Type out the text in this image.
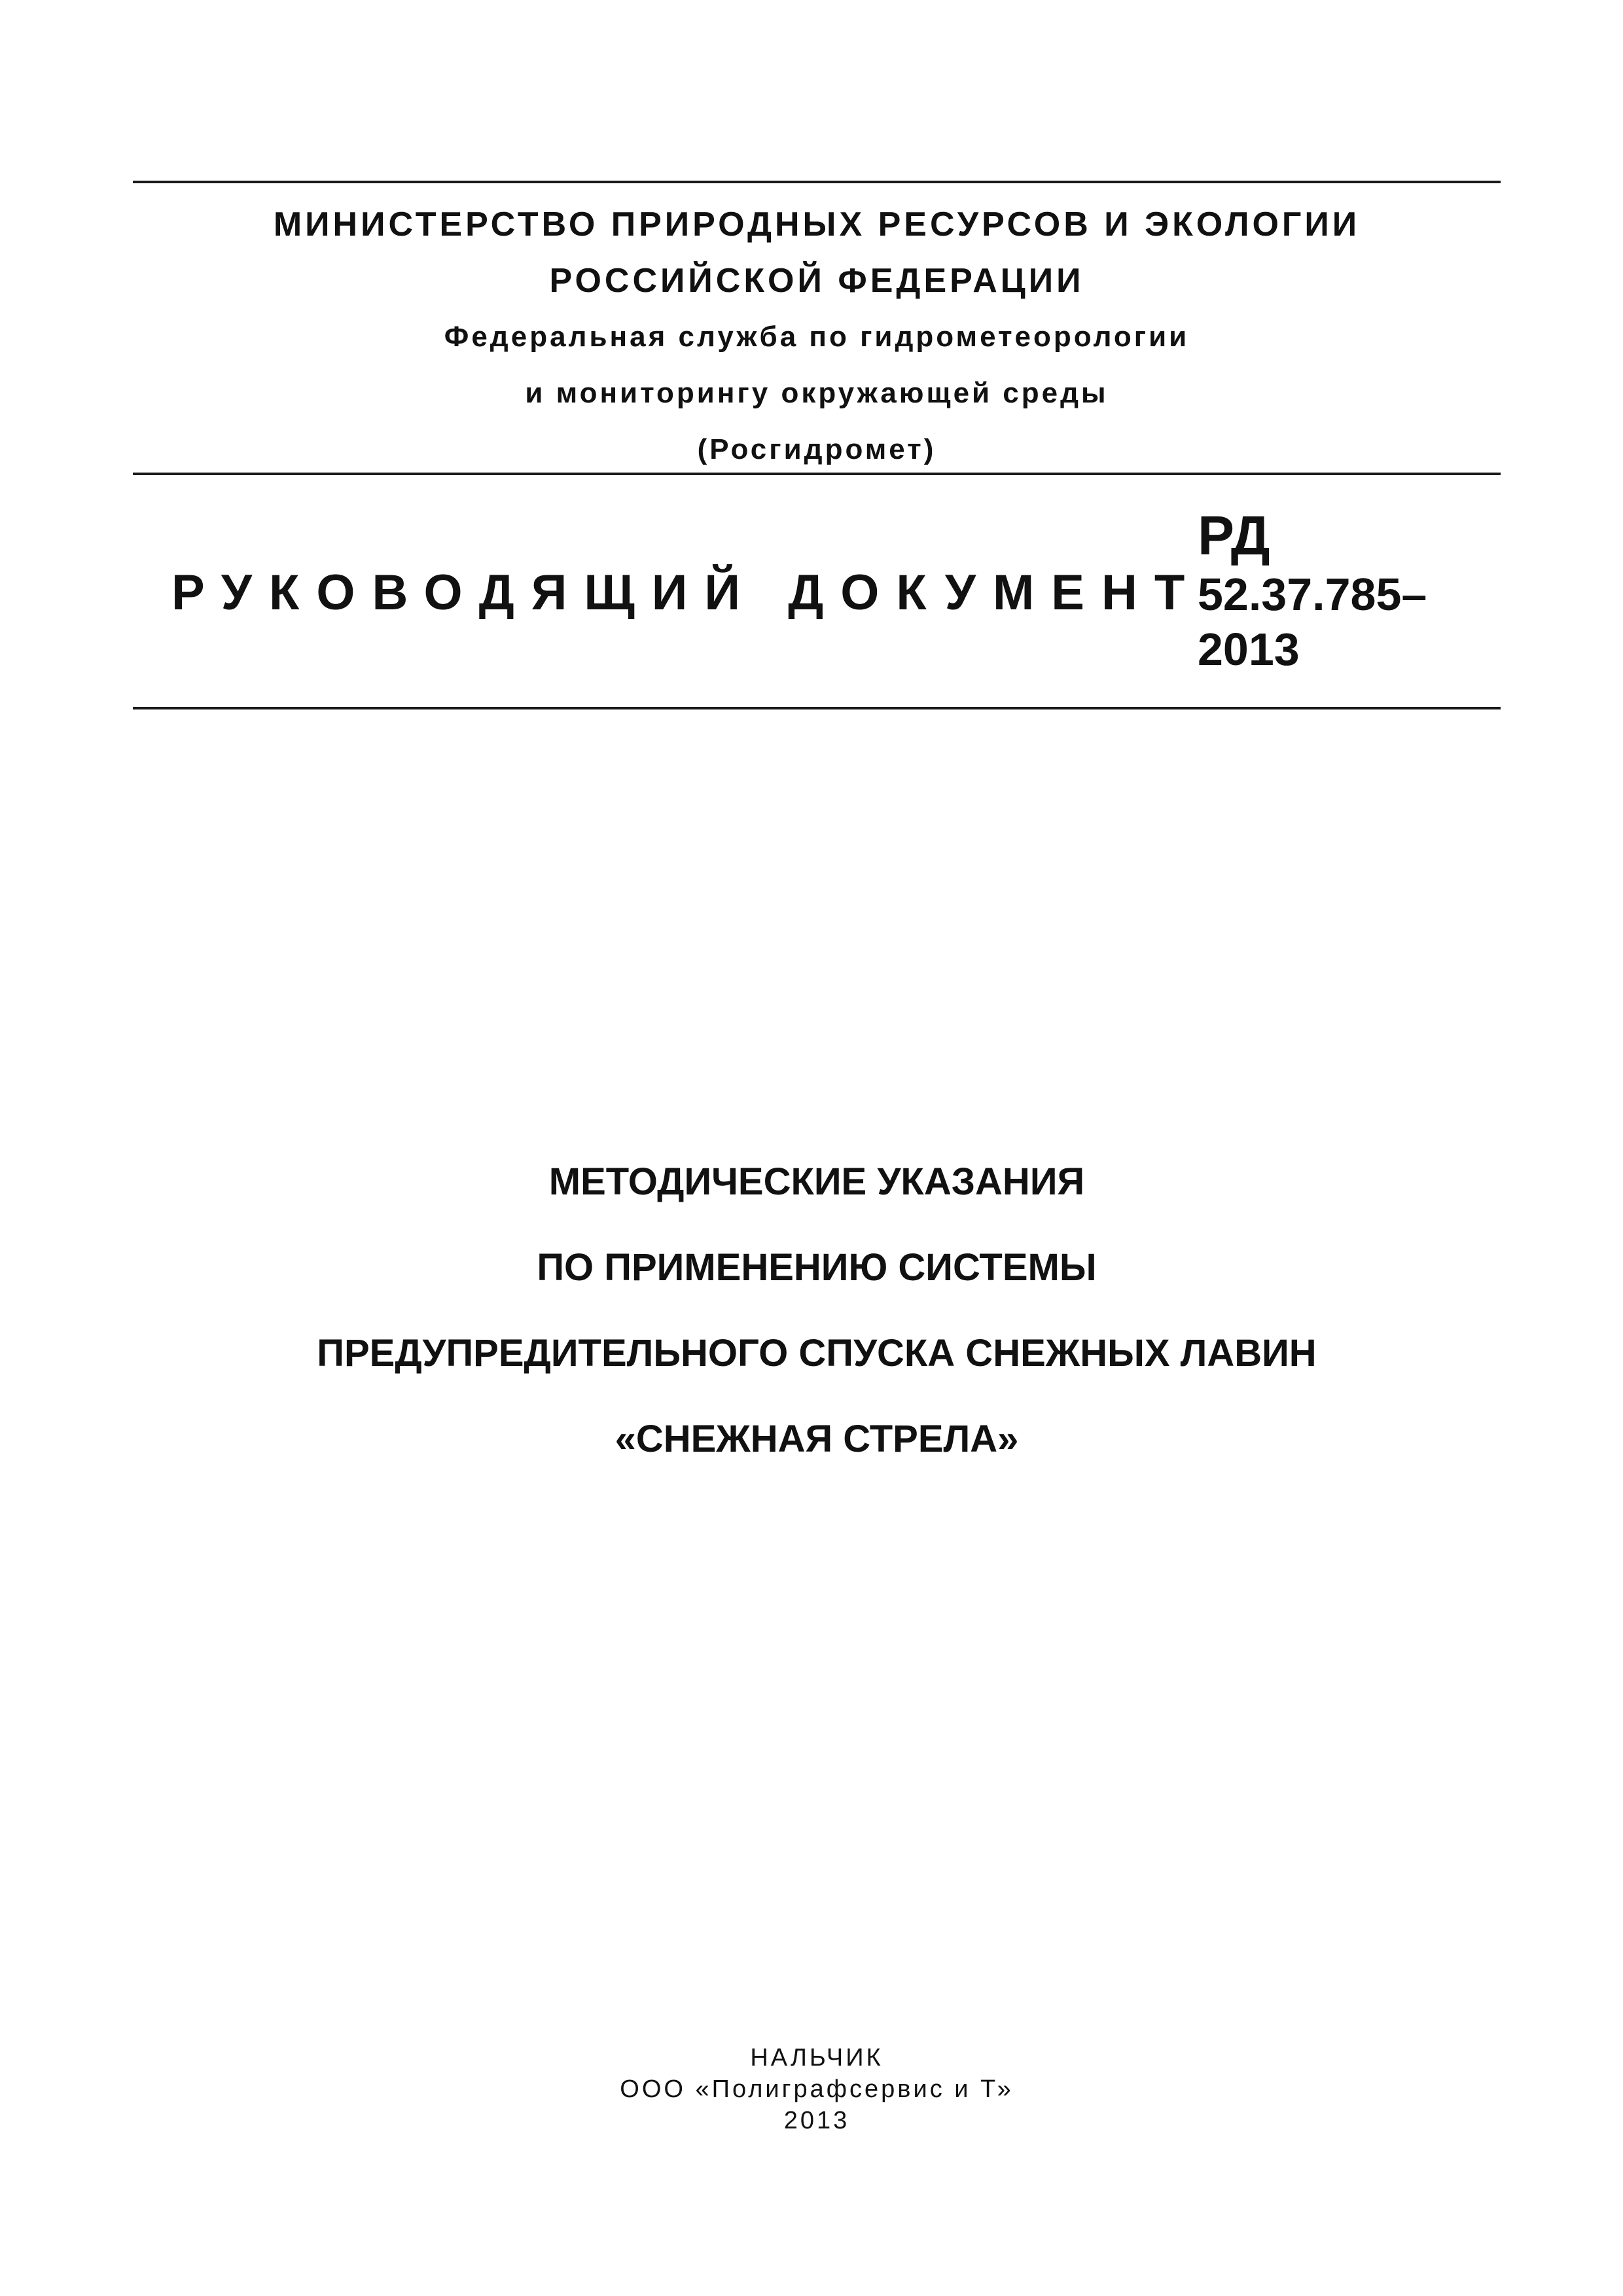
МИНИСТЕРСТВО ПРИРОДНЫХ РЕСУРСОВ И ЭКОЛОГИИ
РОССИЙСКОЙ ФЕДЕРАЦИИ
Федеральная служба по гидрометеорологии
и мониторингу окружающей среды
(Росгидромет)
РУКОВОДЯЩИЙ ДОКУМЕНТ
РД
52.37.785–
2013
МЕТОДИЧЕСКИЕ УКАЗАНИЯ
ПО ПРИМЕНЕНИЮ СИСТЕМЫ
ПРЕДУПРЕДИТЕЛЬНОГО СПУСКА СНЕЖНЫХ ЛАВИН
«СНЕЖНАЯ СТРЕЛА»
НАЛЬЧИК
ООО «Полиграфсервис и Т»
2013
